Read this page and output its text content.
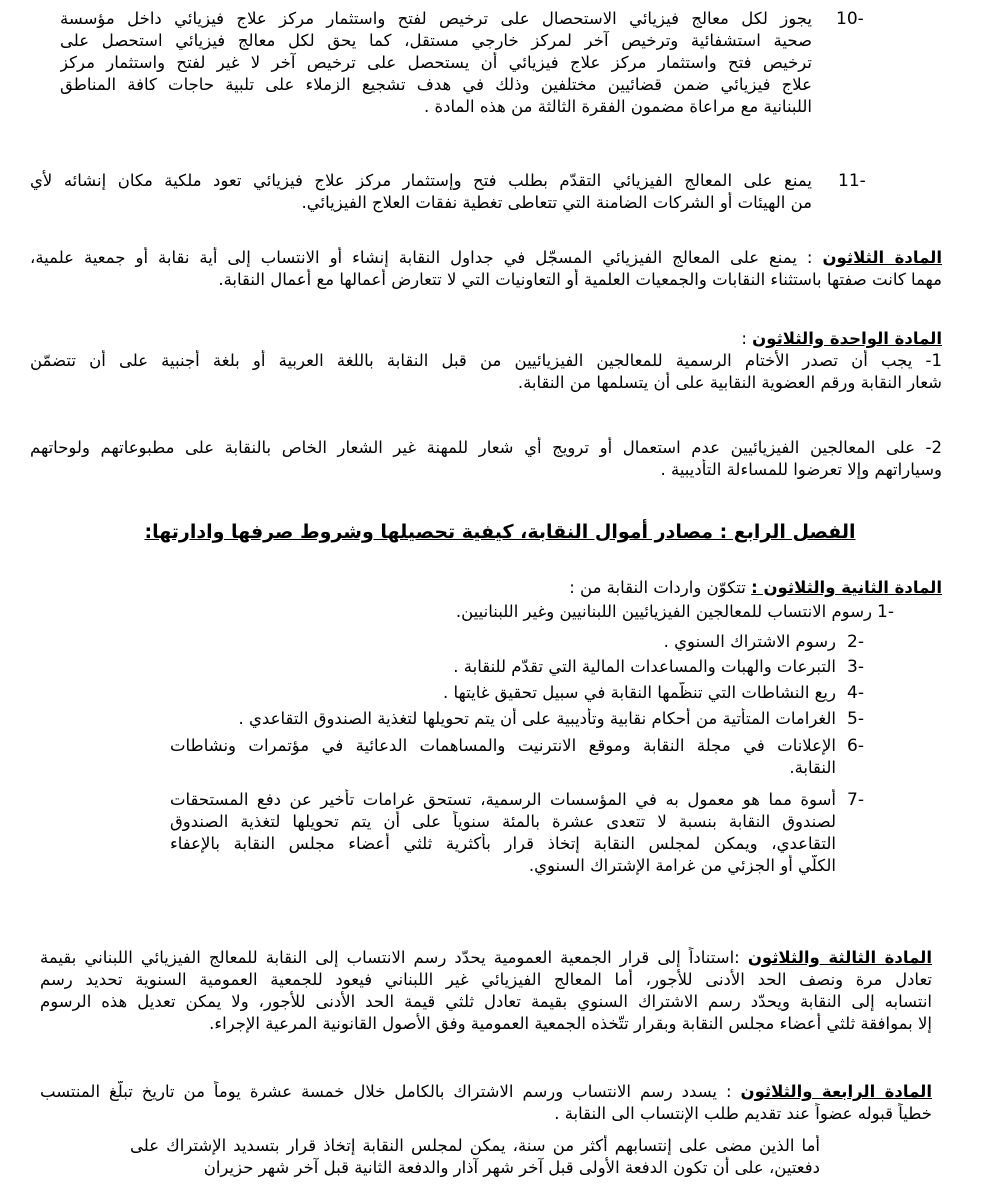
10-
صحية استشفائية وترخيص آخر لمركز خارجي مستقل، كما يحق لكل معالج فيزيائي استحصل على
ترخيص فتح واستثمار مركز علاج فيزيائي أن يستحصل على ترخيص آخر لا غير لفتح واستثمار مركز
علاج فيزيائي ضمن قضائيين مختلفين وذلك في هدف تشجيع الزملاء على تلبية حاجات كافة المناطق
اللبنانية مع مراعاة مضمون الفقرة الثالثة من هذه المادة .
يجوز لكل معالج فيزيائي الاستحصال على ترخيص لفتح واستثمار مركز علاج فيزيائي داخل مؤسسة
يمنع على المعالج الفيزيائي التقدّم بطلب فتح وإستثمار مركز علاج فيزيائي تعود ملكية مكان إنشائه لأي
من الهيئات أو الشركات الضامنة التي تتعاطى تغطية نفقات العلاج الفيزيائي.
11-
المادة الثلاثون : يمنع على المعالج الفيزيائي المسجّل في جداول النقابة إنشاء أو الانتساب إلى أية نقابة أو جمعية علمية،
مهما كانت صفتها باستثناء النقابات والجمعيات العلمية أو التعاونيات التي لا تتعارض أعمالها مع أعمال النقابة.
المادة الواحدة والثلاثون :
1- يجب أن تصدر الأختام الرسمية للمعالجين الفيزيائيين من قبل النقابة باللغة العربية أو بلغة أجنبية على أن تتضمّن
شعار النقابة ورقم العضوية النقابية على أن يتسلمها من النقابة.
2- على المعالجين الفيزيائيين عدم استعمال أو ترويج أي شعار للمهنة غير الشعار الخاص بالنقابة على مطبوعاتهم ولوحاتهم
وسياراتهم وإلا تعرضوا للمساءلة التأديبية .
الفصل الرابع : مصادر أموال النقابة، كيفية تحصيلها وشروط صرفها وادارتها:
المادة الثانية والثلاثون : تتكوّن واردات النقابة من :
1-
رسوم الانتساب للمعالجين الفيزيائيين اللبنانيين وغير اللبنانيين.
2-
رسوم الاشتراك السنوي .
3-
التبرعات والهبات والمساعدات المالية التي تقدّم للنقابة .
4-
ريع النشاطات التي تنظّمها النقابة في سبيل تحقيق غايتها .
5-
الغرامات المتأتية من أحكام نقابية وتأديبية على أن يتم تحويلها لتغذية الصندوق التقاعدي .
6-
الإعلانات في مجلة النقابة وموقع الانترنيت والمساهمات الدعائية في مؤتمرات ونشاطات
النقابة.
7-
أسوة مما هو معمول به في المؤسسات الرسمية، تستحق غرامات تأخير عن دفع المستحقات
لصندوق النقابة بنسبة لا تتعدى عشرة بالمئة سنوياً على أن يتم تحويلها لتغذية الصندوق
التقاعدي، ويمكن لمجلس النقابة إتخاذ قرار بأكثرية ثلثي أعضاء مجلس النقابة بالإعفاء
الكلّي أو الجزئي من غرامة الإشتراك السنوي.
المادة الثالثة والثلاثون :استناداً إلى قرار الجمعية العمومية يحدّد رسم الانتساب إلى النقابة للمعالج الفيزيائي اللبناني بقيمة
تعادل مرة ونصف الحد الأدنى للأجور، أما المعالج الفيزيائي غير اللبناني فيعود للجمعية العمومية السنوية تحديد رسم
انتسابه إلى النقابة ويحدّد رسم الاشتراك السنوي بقيمة تعادل ثلثي قيمة الحد الأدنى للأجور، ولا يمكن تعديل هذه الرسوم
إلا بموافقة ثلثي أعضاء مجلس النقابة وبقرار تتّخذه الجمعية العمومية وفق الأصول القانونية المرعية الإجراء.
المادة الرابعة والثلاثون : يسدد رسم الانتساب ورسم الاشتراك بالكامل خلال خمسة عشرة يوماً من تاريخ تبلّغ المنتسب
خطياً قبوله عضواً عند تقديم طلب الإنتساب الى النقابة .
أما الذين مضى على إنتسابهم أكثر من سنة، يمكن لمجلس النقابة إتخاذ قرار بتسديد الإشتراك على
دفعتين، على أن تكون الدفعة الأولى قبل آخر شهر آذار والدفعة الثانية قبل آخر شهر حزيران
